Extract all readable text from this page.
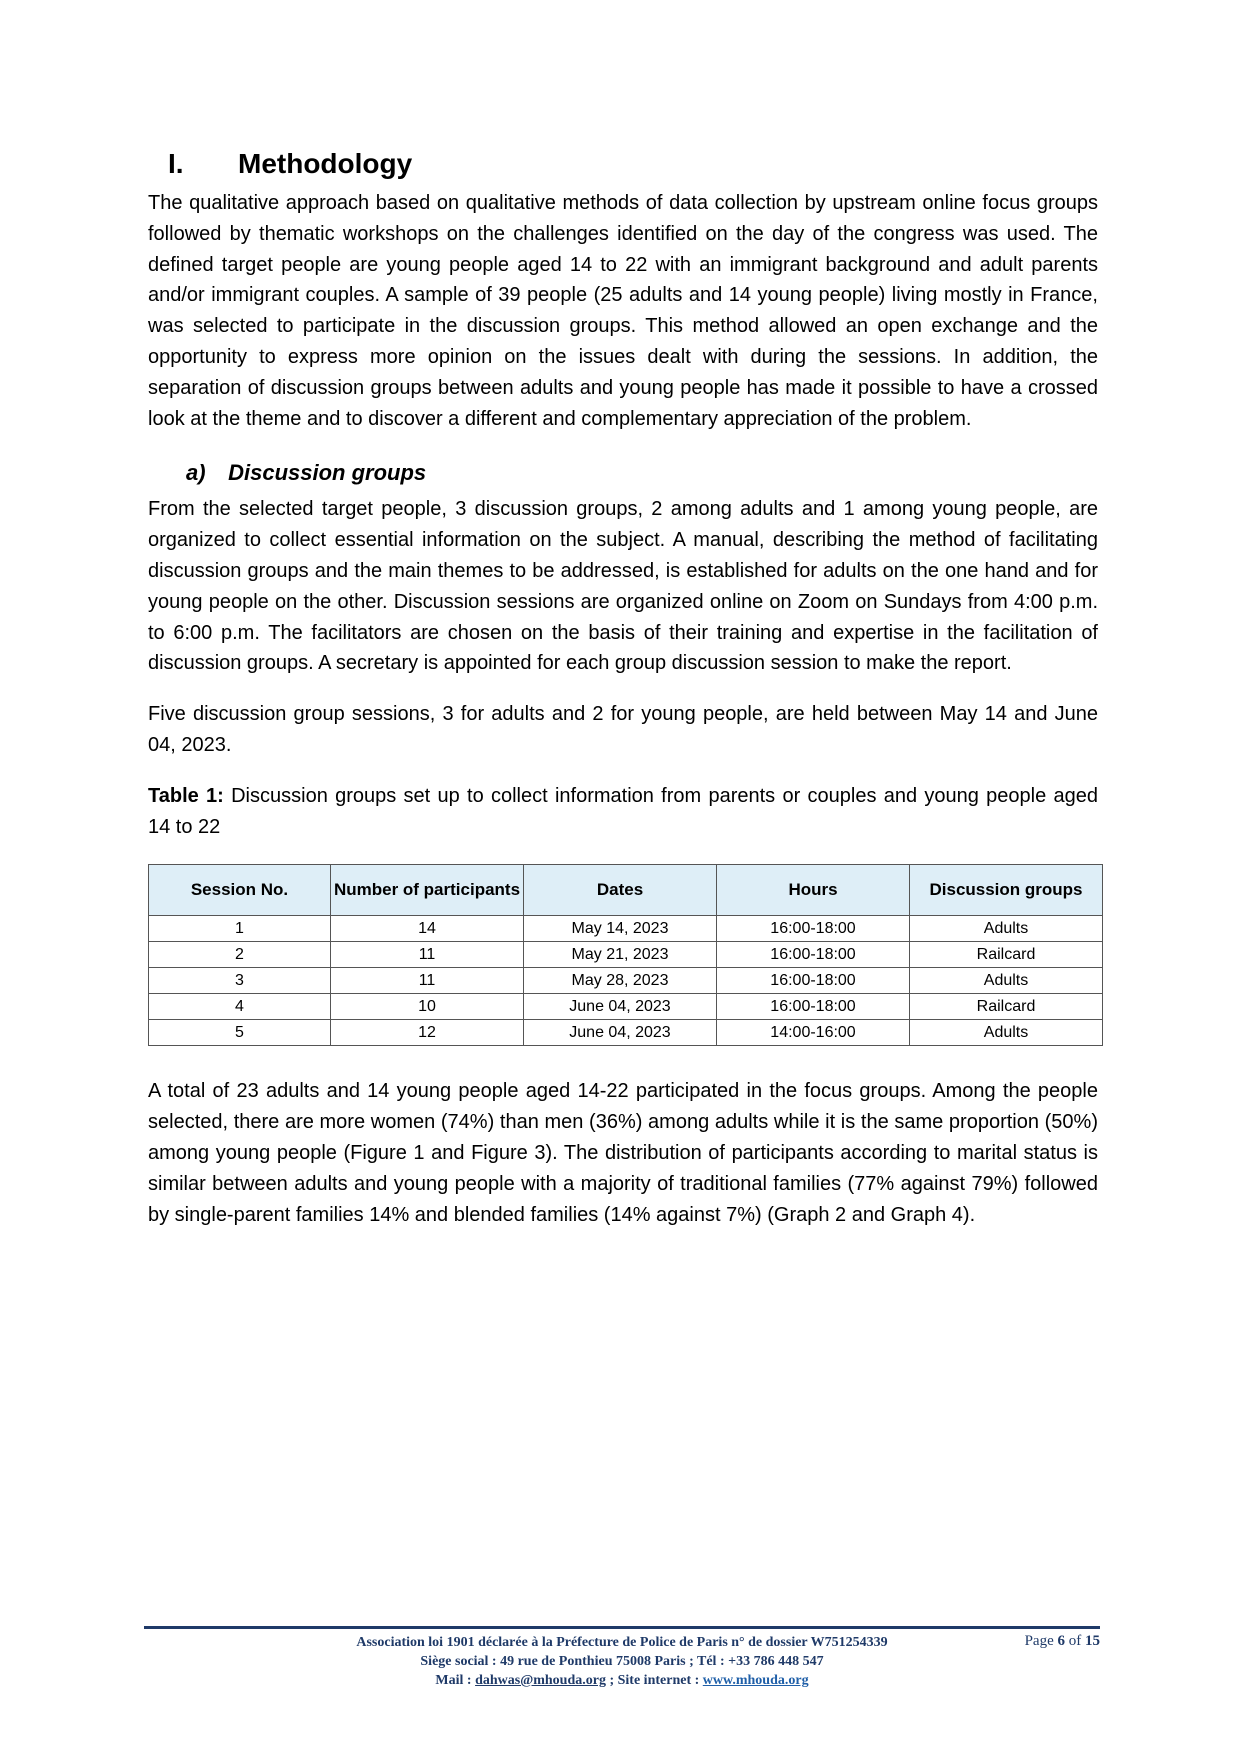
I.	Methodology

The qualitative approach based on qualitative methods of data collection by upstream online focus groups followed by thematic workshops on the challenges identified on the day of the congress was used. The defined target people are young people aged 14 to 22 with an immigrant background and adult parents and/or immigrant couples. A sample of 39 people (25 adults and 14 young people) living mostly in France, was selected to participate in the discussion groups. This method allowed an open exchange and the opportunity to express more opinion on the issues dealt with during the sessions. In addition, the separation of discussion groups between adults and young people has made it possible to have a crossed look at the theme and to discover a different and complementary appreciation of the problem.

a) Discussion groups

From the selected target people, 3 discussion groups, 2 among adults and 1 among young people, are organized to collect essential information on the subject. A manual, describing the method of facilitating discussion groups and the main themes to be addressed, is established for adults on the one hand and for young people on the other. Discussion sessions are organized online on Zoom on Sundays from 4:00 p.m. to 6:00 p.m. The facilitators are chosen on the basis of their training and expertise in the facilitation of discussion groups. A secretary is appointed for each group discussion session to make the report.

Five discussion group sessions, 3 for adults and 2 for young people, are held between May 14 and June 04, 2023.

Table 1: Discussion groups set up to collect information from parents or couples and young people aged 14 to 22

Session No.	Number of participants	Dates	Hours	Discussion groups
1	14	May 14, 2023	16:00-18:00	Adults
2	11	May 21, 2023	16:00-18:00	Railcard
3	11	May 28, 2023	16:00-18:00	Adults
4	10	June 04, 2023	16:00-18:00	Railcard
5	12	June 04, 2023	14:00-16:00	Adults

A total of 23 adults and 14 young people aged 14-22 participated in the focus groups. Among the people selected, there are more women (74%) than men (36%) among adults while it is the same proportion (50%) among young people (Figure 1 and Figure 3). The distribution of participants according to marital status is similar between adults and young people with a majority of traditional families (77% against 79%) followed by single-parent families 14% and blended families (14% against 7%) (Graph 2 and Graph 4).

Association loi 1901 déclarée à la Préfecture de Police de Paris n° de dossier W751254339	Page 6 of 15
Siège social : 49 rue de Ponthieu 75008 Paris ; Tél : +33 786 448 547
Mail : dahwas@mhouda.org ; Site internet : www.mhouda.org
